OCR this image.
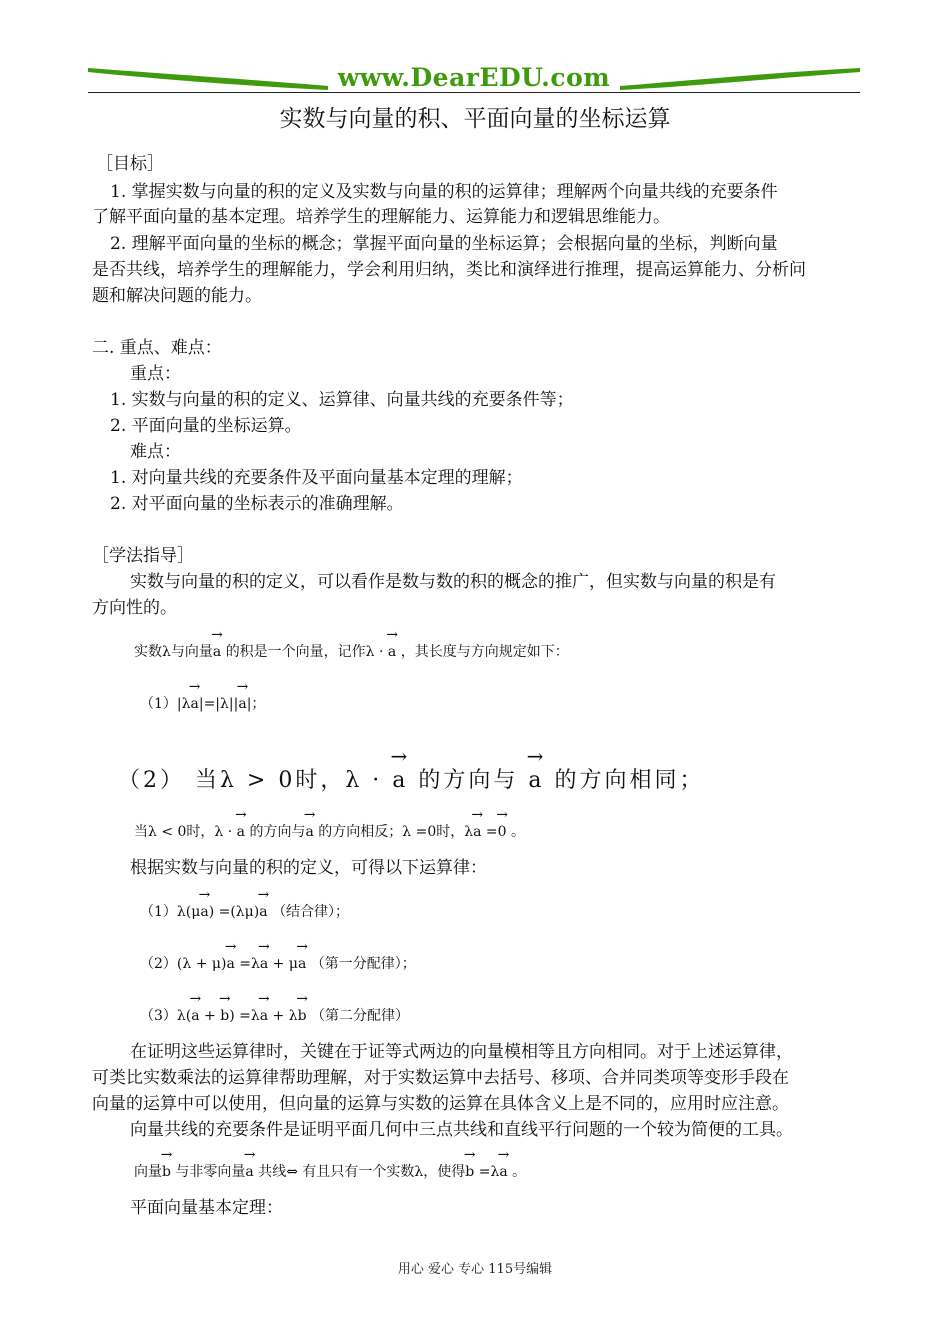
www.DearEDU.com
实数与向量的积、平面向量的坐标运算
［目标］
1. 掌握实数与向量的积的定义及实数与向量的积的运算律；理解两个向量共线的充要条件
了解平面向量的基本定理。培养学生的理解能力、运算能力和逻辑思维能力。
2. 理解平面向量的坐标的概念；掌握平面向量的坐标运算；会根据向量的坐标，判断向量
是否共线，培养学生的理解能力，学会利用归纳，类比和演绎进行推理，提高运算能力、分析问
题和解决问题的能力。
二. 重点、难点：
重点：
1. 实数与向量的积的定义、运算律、向量共线的充要条件等；
2. 平面向量的坐标运算。
难点：
1. 对向量共线的充要条件及平面向量基本定理的理解；
2. 对平面向量的坐标表示的准确理解。
［学法指导］
实数与向量的积的定义，可以看作是数与数的积的概念的推广，但实数与向量的积是有
方向性的。
实数λ与向量→ a 的积是一个向量，记作λ · → a ，其长度与方向规定如下：
（1）|λ→ a|=|λ||→ a|；
（2） 当λ > 0时，λ · → a 的方向与 → a 的方向相同；
当λ < 0时，λ · → a 的方向与→ a 的方向相反；λ =0时，λ→ a =→ 0 。
根据实数与向量的积的定义，可得以下运算律：
（1）λ(μ→ a) =(λμ)→ a （结合律）；
（2）(λ + μ)→ a =λ→ a + μ→ a （第一分配律）；
（3）λ(→ a + → b) =λ→ a + λ→ b （第二分配律）
在证明这些运算律时，关键在于证等式两边的向量模相等且方向相同。对于上述运算律，
可类比实数乘法的运算律帮助理解，对于实数运算中去括号、移项、合并同类项等变形手段在
向量的运算中可以使用，但向量的运算与实数的运算在具体含义上是不同的，应用时应注意。
向量共线的充要条件是证明平面几何中三点共线和直线平行问题的一个较为简便的工具。
向量→ b 与非零向量→ a 共线⇔ 有且只有一个实数λ，使得→ b =λ→ a 。
平面向量基本定理：
用心 爱心 专心 115号编辑
